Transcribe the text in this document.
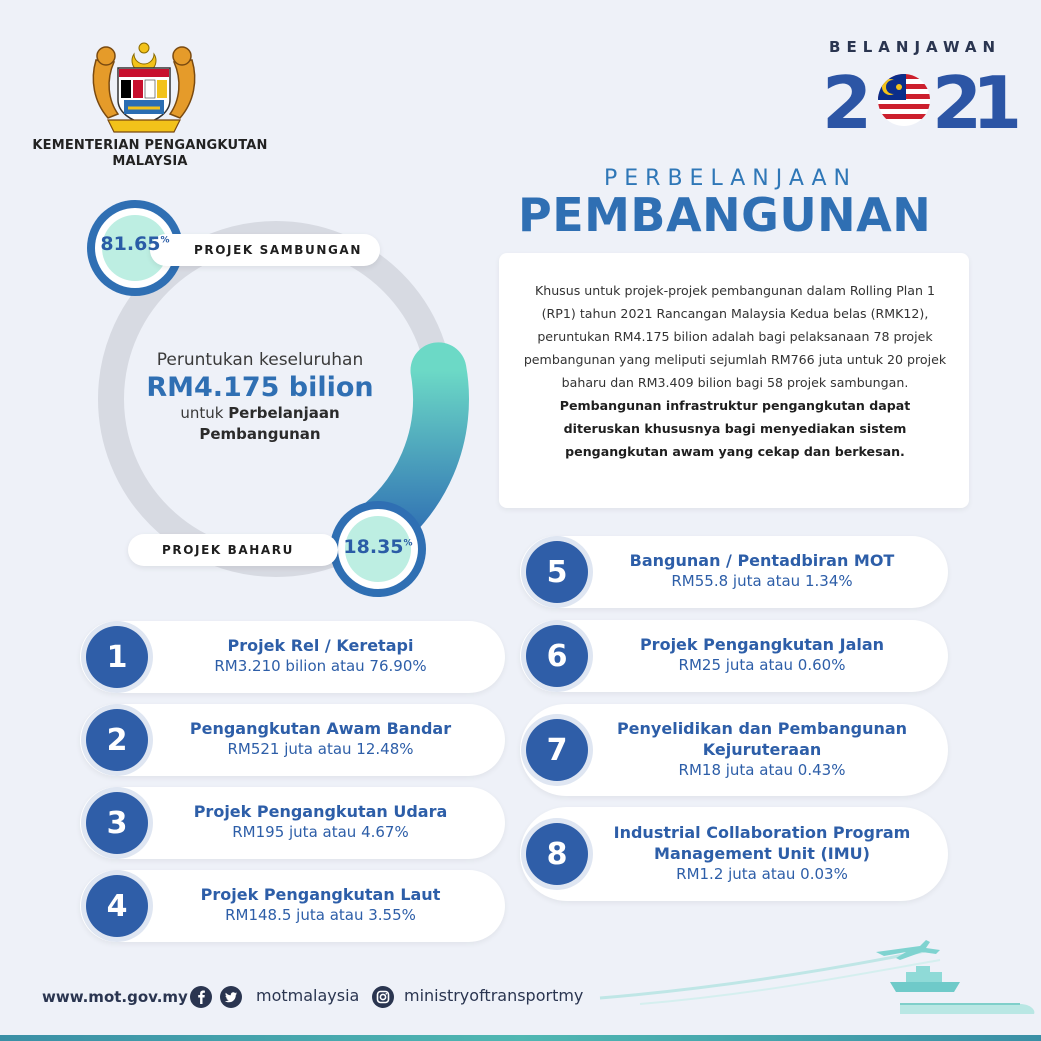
KEMENTERIAN PENGANGKUTAN
MALAYSIA
BELANJAWAN
2 2
1
PERBELANJAAN
PEMBANGUNAN
Khusus untuk projek-projek pembangunan dalam Rolling Plan 1 (RP1) tahun 2021 Rancangan Malaysia Kedua belas (RMK12), peruntukan RM4.175 bilion adalah bagi pelaksanaan 78 projek pembangunan yang meliputi sejumlah RM766 juta untuk 20 projek baharu dan RM3.409 bilion bagi 58 projek sambungan. Pembangunan infrastruktur pengangkutan dapat diteruskan khususnya bagi menyediakan sistem pengangkutan awam yang cekap dan berkesan.
PROJEK SAMBUNGAN
81.65%
PROJEK BAHARU	18.35%
Peruntukan keseluruhan
RM4.175 bilion
untuk Perbelanjaan
Pembangunan
1	Projek Rel / Keretapi
RM3.210 bilion atau 76.90%
2	Pengangkutan Awam Bandar
RM521 juta atau 12.48%
3	Projek Pengangkutan Udara
RM195 juta atau 4.67%
4	Projek Pengangkutan Laut
RM148.5 juta atau 3.55%
5	Bangunan / Pentadbiran MOT
RM55.8 juta atau 1.34%
6	Projek Pengangkutan Jalan
RM25 juta atau 0.60%
7
Penyelidikan dan Pembangunan
Kejuruteraan
RM18 juta atau 0.43%
8
Industrial Collaboration Program
Management Unit (IMU)
RM1.2 juta atau 0.03%
www.mot.gov.my	motmalaysia	ministryoftransportmy
